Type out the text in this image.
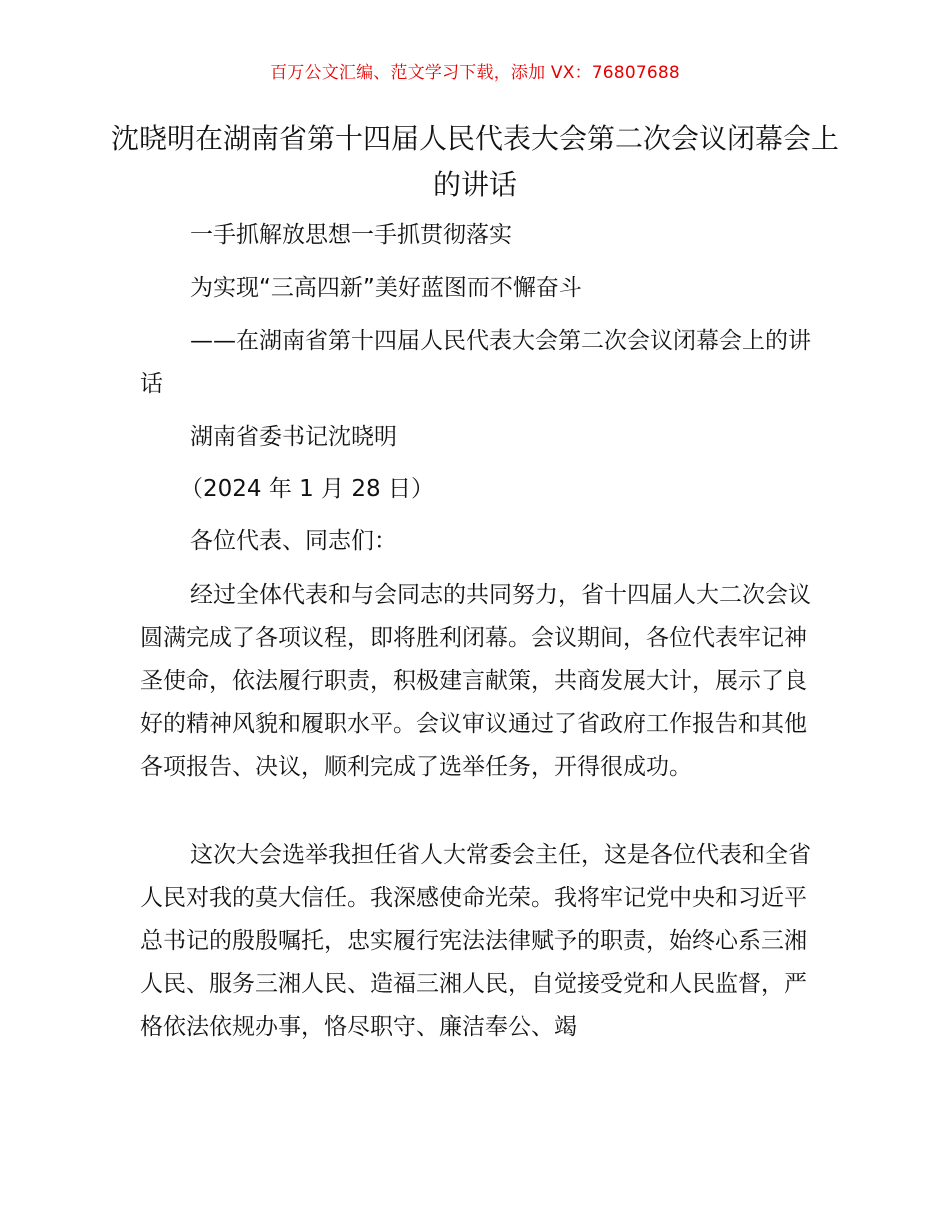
百万公文汇编、范文学习下载，添加 VX：76807688
沈晓明在湖南省第十四届人民代表大会第二次会议闭幕会上的讲话

一手抓解放思想一手抓贯彻落实

为实现“三高四新”美好蓝图而不懈奋斗

——在湖南省第十四届人民代表大会第二次会议闭幕会上的讲话

湖南省委书记沈晓明

（2024 年 1 月 28 日）

各位代表、同志们：

经过全体代表和与会同志的共同努力，省十四届人大二次会议圆满完成了各项议程，即将胜利闭幕。会议期间，各位代表牢记神圣使命，依法履行职责，积极建言献策，共商发展大计，展示了良好的精神风貌和履职水平。会议审议通过了省政府工作报告和其他各项报告、决议，顺利完成了选举任务，开得很成功。

这次大会选举我担任省人大常委会主任，这是各位代表和全省人民对我的莫大信任。我深感使命光荣。我将牢记党中央和习近平总书记的殷殷嘱托，忠实履行宪法法律赋予的职责，始终心系三湘人民、服务三湘人民、造福三湘人民，自觉接受党和人民监督，严格依法依规办事，恪尽职守、廉洁奉公、竭
